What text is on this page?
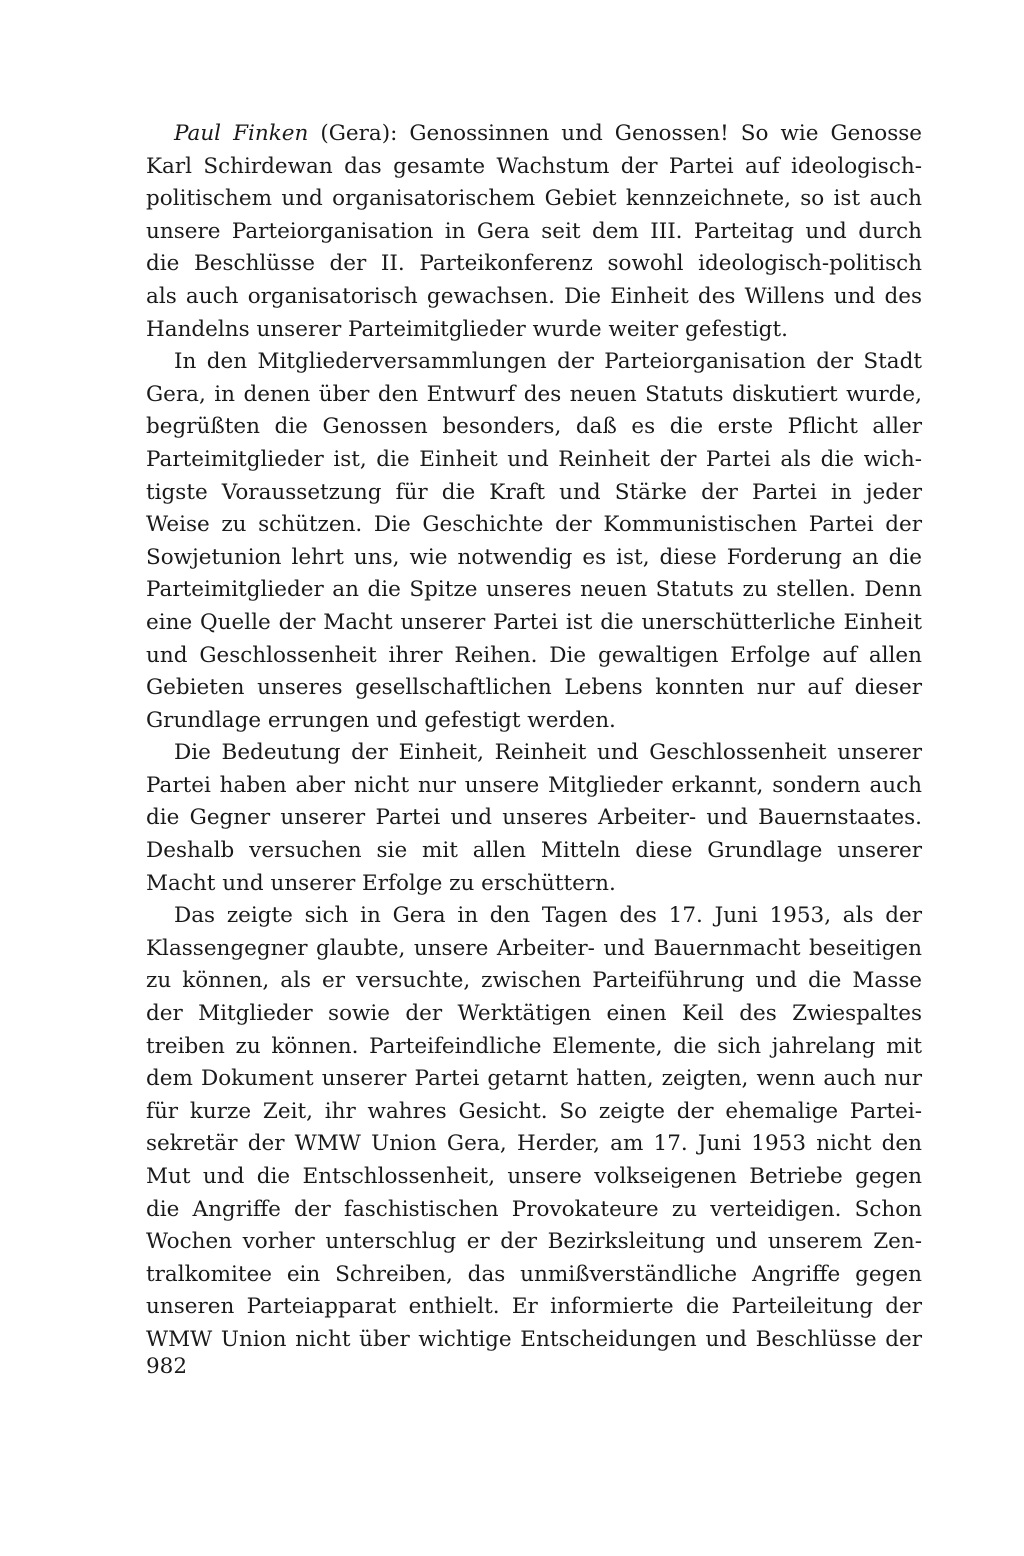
Paul Finken (Gera): Genossinnen und Genossen! So wie Genosse
Karl Schirdewan das gesamte Wachstum der Partei auf ideologisch-
politischem und organisatorischem Gebiet kennzeichnete, so ist auch
unsere Parteiorganisation in Gera seit dem III. Parteitag und durch
die Beschlüsse der II. Parteikonferenz sowohl ideologisch-politisch
als auch organisatorisch gewachsen. Die Einheit des Willens und des
Handelns unserer Parteimitglieder wurde weiter gefestigt.
In den Mitgliederversammlungen der Parteiorganisation der Stadt
Gera, in denen über den Entwurf des neuen Statuts diskutiert wurde,
begrüßten die Genossen besonders, daß es die erste Pflicht aller
Parteimitglieder ist, die Einheit und Reinheit der Partei als die wich-
tigste Voraussetzung für die Kraft und Stärke der Partei in jeder
Weise zu schützen. Die Geschichte der Kommunistischen Partei der
Sowjetunion lehrt uns, wie notwendig es ist, diese Forderung an die
Parteimitglieder an die Spitze unseres neuen Statuts zu stellen. Denn
eine Quelle der Macht unserer Partei ist die unerschütterliche Einheit
und Geschlossenheit ihrer Reihen. Die gewaltigen Erfolge auf allen
Gebieten unseres gesellschaftlichen Lebens konnten nur auf dieser
Grundlage errungen und gefestigt werden.
Die Bedeutung der Einheit, Reinheit und Geschlossenheit unserer
Partei haben aber nicht nur unsere Mitglieder erkannt, sondern auch
die Gegner unserer Partei und unseres Arbeiter- und Bauernstaates.
Deshalb versuchen sie mit allen Mitteln diese Grundlage unserer
Macht und unserer Erfolge zu erschüttern.
Das zeigte sich in Gera in den Tagen des 17. Juni 1953, als der
Klassengegner glaubte, unsere Arbeiter- und Bauernmacht beseitigen
zu können, als er versuchte, zwischen Parteiführung und die Masse
der Mitglieder sowie der Werktätigen einen Keil des Zwiespaltes
treiben zu können. Parteifeindliche Elemente, die sich jahrelang mit
dem Dokument unserer Partei getarnt hatten, zeigten, wenn auch nur
für kurze Zeit, ihr wahres Gesicht. So zeigte der ehemalige Partei-
sekretär der WMW Union Gera, Herder, am 17. Juni 1953 nicht den
Mut und die Entschlossenheit, unsere volkseigenen Betriebe gegen
die Angriffe der faschistischen Provokateure zu verteidigen. Schon
Wochen vorher unterschlug er der Bezirksleitung und unserem Zen-
tralkomitee ein Schreiben, das unmißverständliche Angriffe gegen
unseren Parteiapparat enthielt. Er informierte die Parteileitung der
WMW Union nicht über wichtige Entscheidungen und Beschlüsse der
982
